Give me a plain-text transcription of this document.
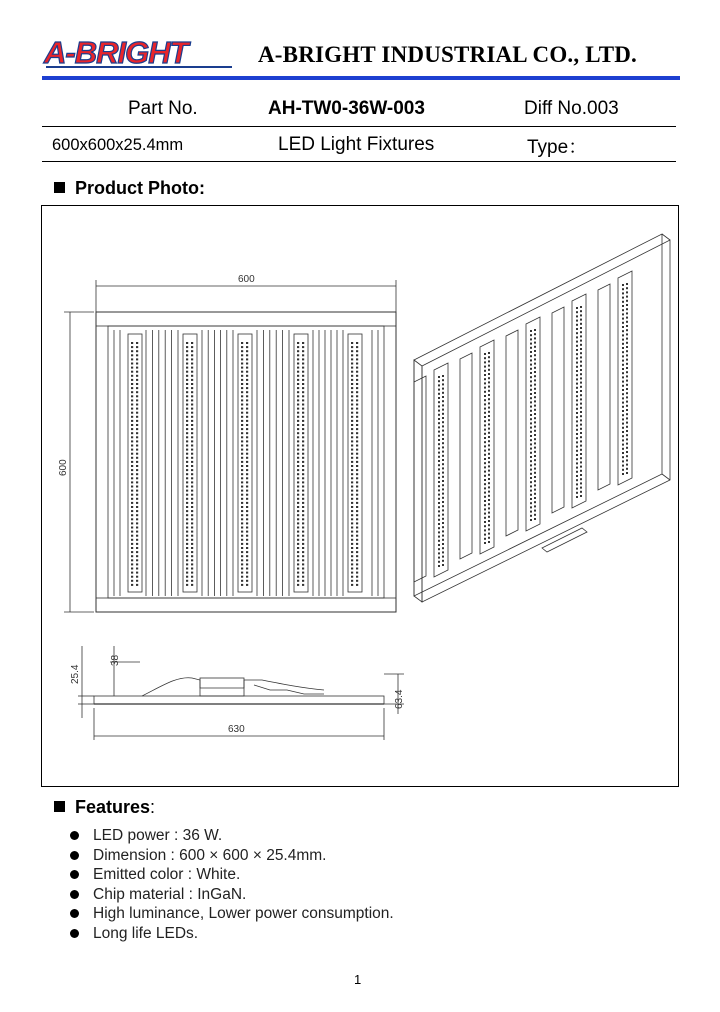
A-BRIGHT	A-BRIGHT INDUSTRIAL CO., LTD.
Part No.	AH-TW0-36W-003	Diff No.003
600x600x25.4mm	LED Light Fixtures	Type：
Product Photo:
600
600
25.4
38
63.4
630
Features:
LED power : 36 W.
Dimension : 600 × 600 × 25.4mm.
Emitted color : White.
Chip material : InGaN.
High luminance, Lower power consumption.
Long life LEDs.
1
